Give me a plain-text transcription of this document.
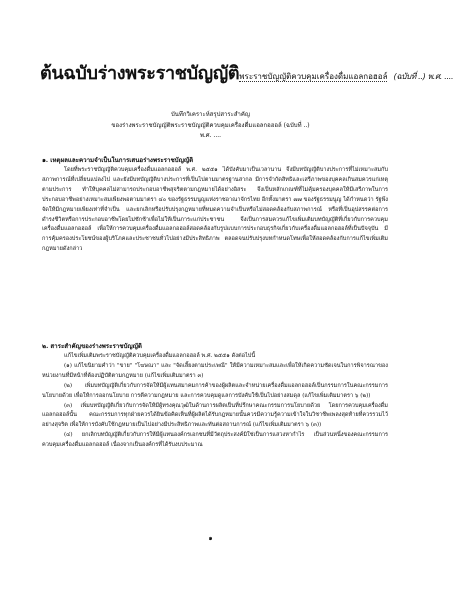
ต้นฉบับร่างพระราชบัญญัติพระราชบัญญัติควบคุมเครื่องดื่มแอลกอฮอล์ (ฉบับที่ ..) พ.ศ. ....
บันทึกวิเคราะห์สรุปสาระสำคัญ
ของร่างพระราชบัญญัติพระราชบัญญัติควบคุมเครื่องดื่มแอลกอฮอล์ (ฉบับที่ ..)
พ.ศ. ....
๑. เหตุผลและความจำเป็นในการเสนอร่างพระราชบัญญัติ

โดยที่พระราชบัญญัติควบคุมเครื่องดื่มแอลกอฮอล์ พ.ศ. ๒๕๕๑ ได้บังคับมาเป็นเวลานาน จึงมีบทบัญญัติบางประการที่ไม่เหมาะสมกับสภาพการณ์ที่เปลี่ยนแปลงไป และยังมีบทบัญญัติบางประการที่เป็นไปตามมาตรฐานสากล มีการจำกัดสิทธิและเสรีภาพของบุคคลเกินสมควรแก่เหตุตามประการ ทำให้บุคคลไม่สามารถประกอบอาชีพสุจริตตามกฎหมายได้อย่างอิสระ จึงเป็นหลักเกณฑ์ที่ไม่คุ้มครองบุคคลให้มีเสรีภาพในการประกอบอาชีพอย่างเหมาะสมเพียงพอตามมาตรา ๔๐ ของรัฐธรรมนูญแห่งราชอาณาจักรไทย อีกทั้งมาตรา ๗๗ ของรัฐธรรมนูญ ได้กำหนดว่า รัฐพึงจัดให้มีกฎหมายเพียงเท่าที่จำเป็น และยกเลิกหรือปรับปรุงกฎหมายที่หมดความจำเป็นหรือไม่สอดคล้องกับสภาพการณ์ หรือที่เป็นอุปสรรคต่อการดำรงชีวิตหรือการประกอบอาชีพโดยไม่ชักช้าเพื่อไม่ให้เป็นภาระแก่ประชาชน จึงเป็นการสมควรแก้ไขเพิ่มเติมบทบัญญัติที่เกี่ยวกับการควบคุมเครื่องดื่มแอลกอฮอล์ เพื่อให้การควบคุมเครื่องดื่มแอลกอฮอล์สอดคล้องกับรูปแบบการประกอบธุรกิจเกี่ยวกับเครื่องดื่มแอลกอฮอล์ที่เป็นปัจจุบัน มีการคุ้มครองประโยชน์ของผู้บริโภคและประชาชนทั่วไปอย่างมีประสิทธิภาพ ตลอดจนปรับปรุงบทกำหนดโทษเพื่อให้สอดคล้องกับการแก้ไขเพิ่มเติมกฎหมายดังกล่าว

๒. สาระสำคัญของร่างพระราชบัญญัติ

แก้ไขเพิ่มเติมพระราชบัญญัติควบคุมเครื่องดื่มแอลกอฮอล์ พ.ศ. ๒๕๕๑ ดังต่อไปนี้

(๑) แก้ไขนิยามคำว่า "ขาย" "โฆษณา" และ "จัดเลี้ยงตามประเพณี" ให้มีความเหมาะสมและเพื่อให้เกิดความชัดเจนในการพิจารณาของหน่วยงานที่มีหน้าที่ต้องปฏิบัติตามกฎหมาย (แก้ไขเพิ่มเติมมาตรา ๓)

(๒) เพิ่มบทบัญญัติเกี่ยวกับการจัดให้มีผู้แทนสมาคมการค้าของผู้ผลิตและจำหน่ายเครื่องดื่มแอลกอฮอล์เป็นกรรมการในคณะกรรมการนโยบายด้วย เพื่อให้การออกนโยบาย การตีความกฎหมาย และการควบคุมดูแลการบังคับใช้เป็นไปอย่างสมดุล (แก้ไขเพิ่มเติมมาตรา ๖ (๒))

(๓) เพิ่มบทบัญญัติเกี่ยวกับการจัดให้มีผู้ทรงคุณวุฒิในด้านการผลิตเป็นที่ปรึกษาคณะกรรมการนโยบายด้วย โดยการควบคุมเครื่องดื่มแอลกอฮอล์นั้น คณะกรรมการทุกฝ่ายควรได้ยินข้อคิดเห็นที่ผู้ผลิตได้รับกฎหมายนั้นควรมีความรู้ความเข้าใจในวิชาชีพเพลงสุดท้ายที่ควรรวมไว้อย่างสุจริต เพื่อให้การบังคับใช้กฎหมายเป็นไปอย่างมีประสิทธิภาพและทันต่อสถานการณ์ (แก้ไขเพิ่มเติมมาตรา ๖ (๓))

(๔) ยกเลิกบทบัญญัติเกี่ยวกับการให้มีผู้แทนองค์กรเอกชนที่มีวัตถุประสงค์มิใช่เป็นการแสวงหากำไร เป็นส่วนหนึ่งของคณะกรรมการควบคุมเครื่องดื่มแอลกอฮอล์ เนื่องจากเป็นองค์กรที่ได้รับงบประมาณ

๑
